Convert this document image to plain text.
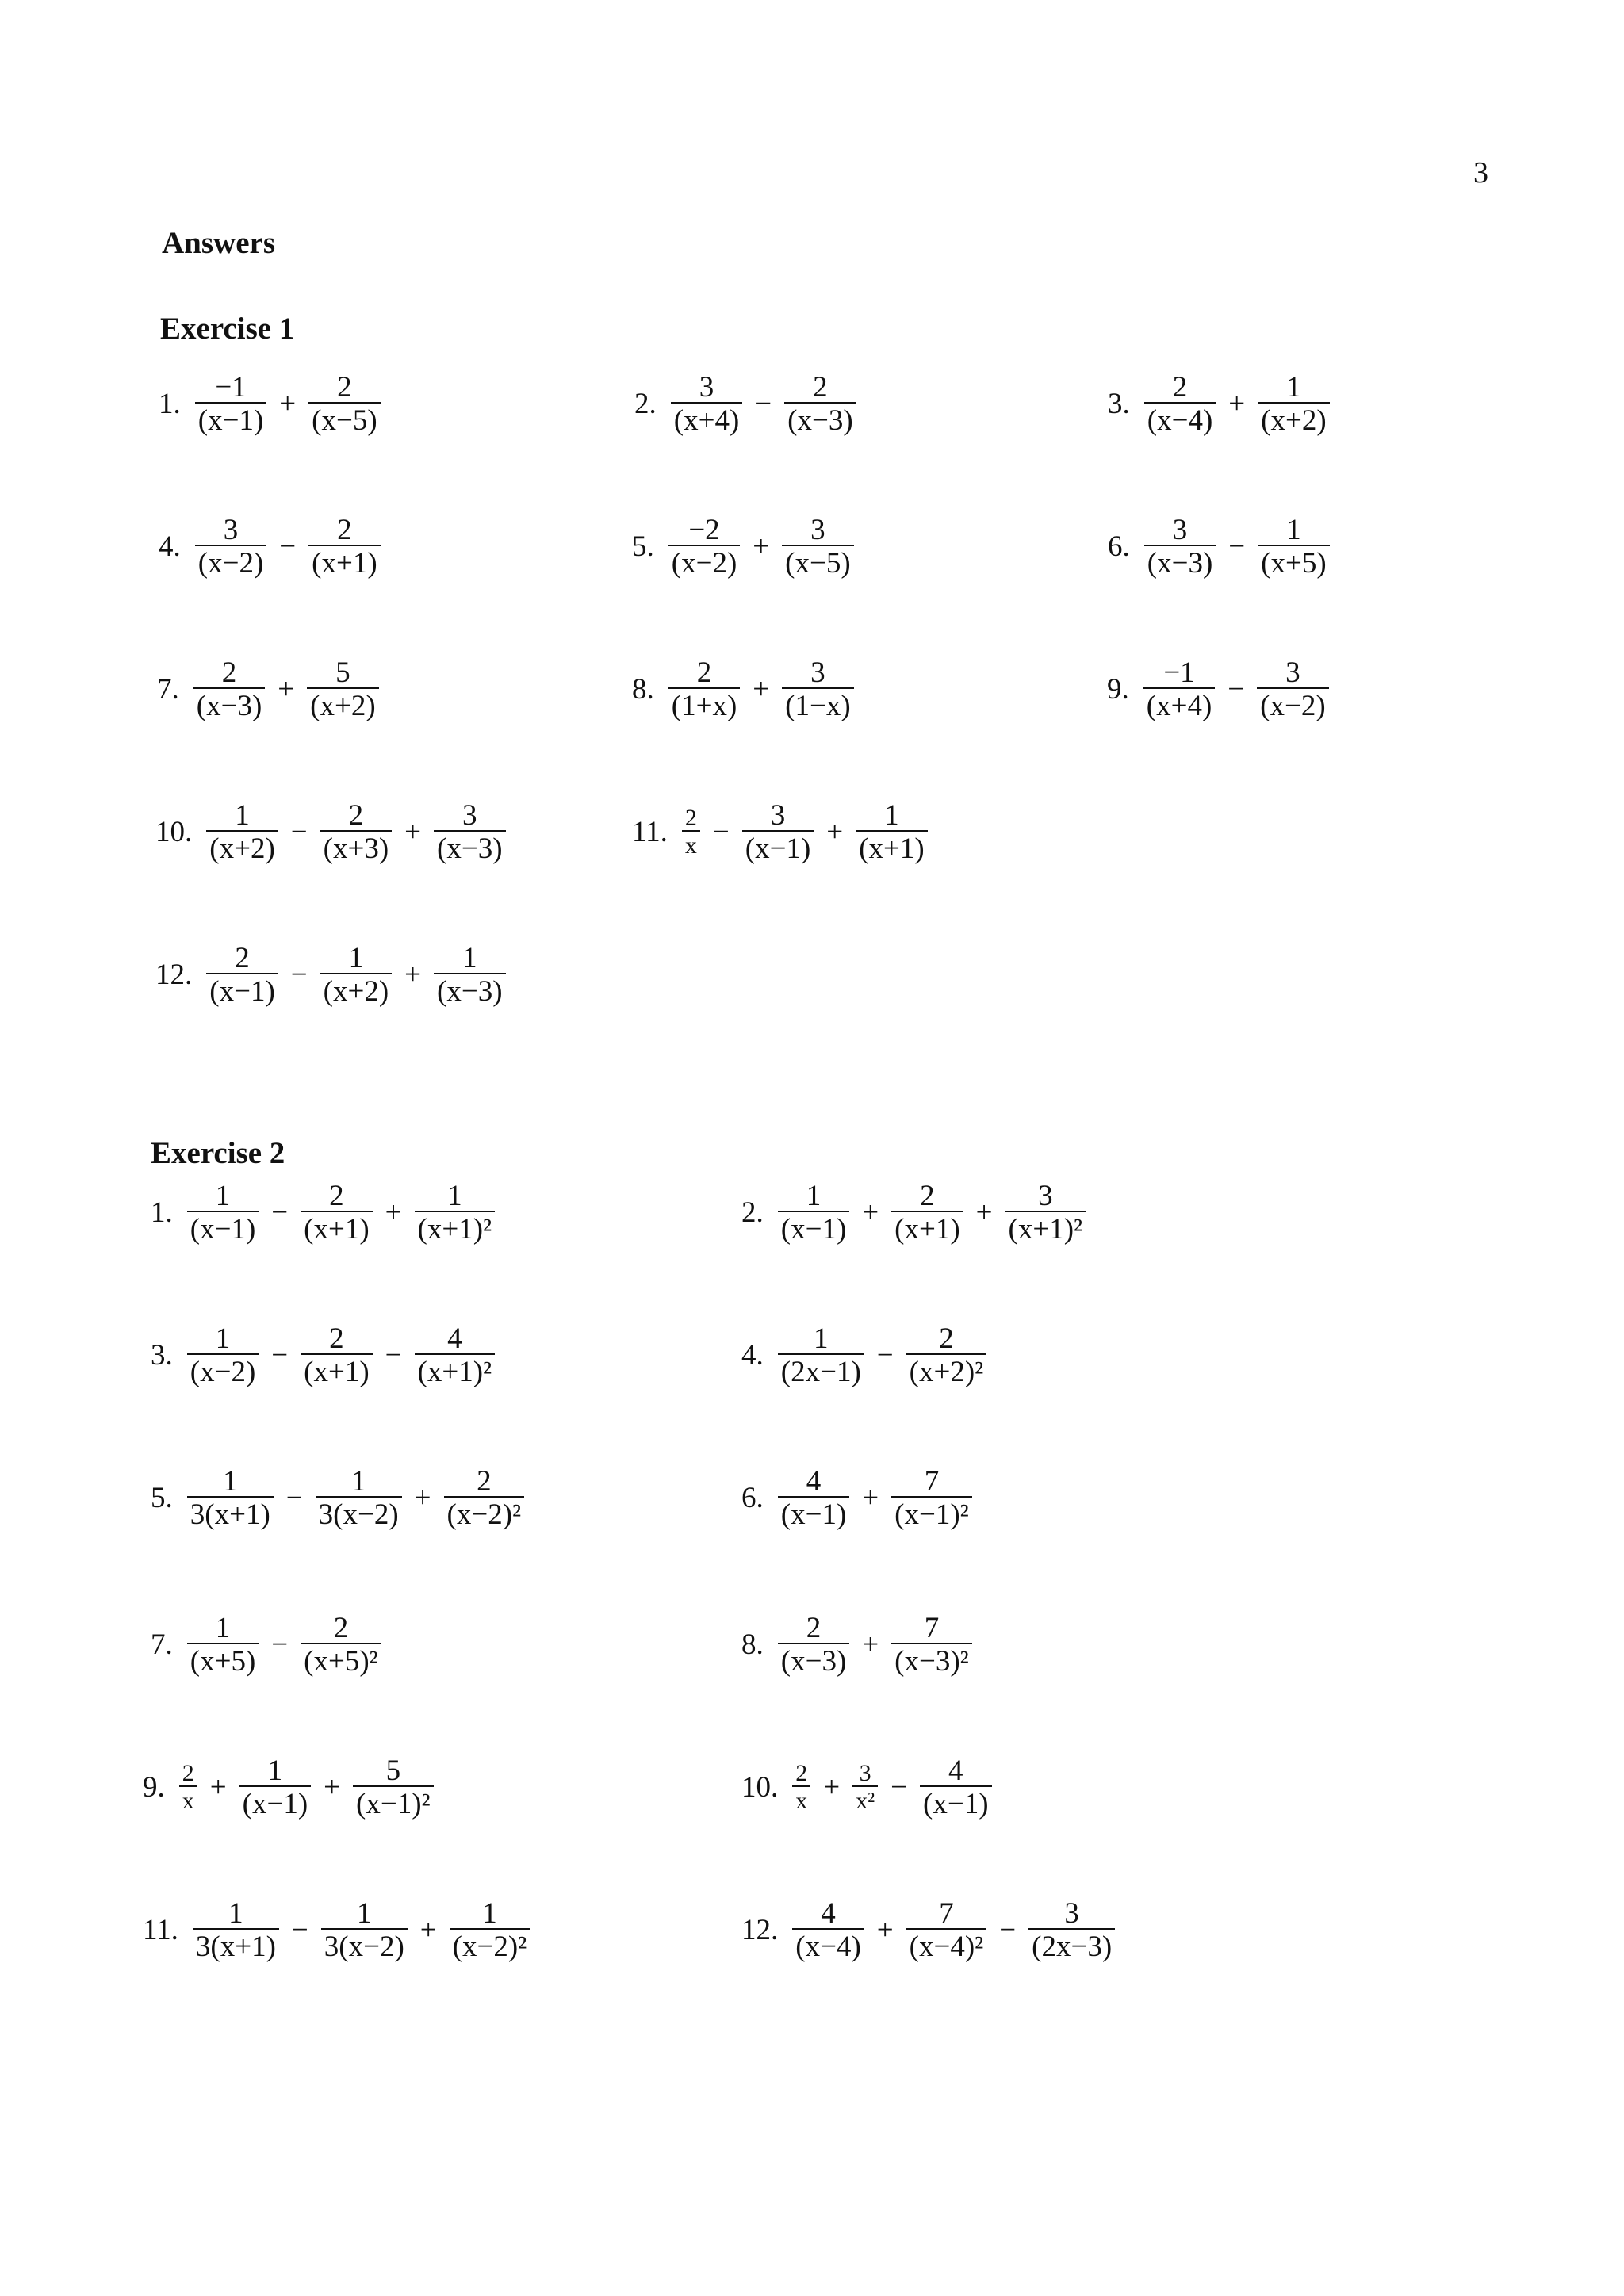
3
Answers
Exercise 1
Exercise 2
1. $\frac{-1}{(x-1)} + \frac{2}{(x-5)}$	2. $\frac{3}{(x+4)} - \frac{2}{(x-3)}$	3. $\frac{2}{(x-4)} + \frac{1}{(x+2)}$
4. $\frac{3}{(x-2)} - \frac{2}{(x+1)}$	5. $\frac{-2}{(x-2)} + \frac{3}{(x-5)}$	6. $\frac{3}{(x-3)} - \frac{1}{(x+5)}$
7. $\frac{2}{(x-3)} + \frac{5}{(x+2)}$	8. $\frac{2}{(1+x)} + \frac{3}{(1-x)}$	9. $\frac{-1}{(x+4)} - \frac{3}{(x-2)}$
10. $\frac{1}{(x+2)} - \frac{2}{(x+3)} + \frac{3}{(x-3)}$	11. $\frac{2}{x} - \frac{3}{(x-1)} + \frac{1}{(x+1)}$
12. $\frac{2}{(x-1)} - \frac{1}{(x+2)} + \frac{1}{(x-3)}$
1. $\frac{1}{(x-1)} - \frac{2}{(x+1)} + \frac{1}{\text{(x+1)²}}$	2. $\frac{1}{(x-1)} + \frac{2}{(x+1)} + \frac{3}{\text{(x+1)²}}$
3. $\frac{1}{(x-2)} - \frac{2}{(x+1)} - \frac{4}{\text{(x+1)²}}$	4. $\frac{1}{(2x-1)} - \frac{2}{\text{(x+2)²}}$
5. $\frac{1}{3(x+1)} - \frac{1}{3(x-2)} + \frac{2}{\text{(x−2)²}}$	6. $\frac{4}{(x-1)} + \frac{7}{\text{(x−1)²}}$
7. $\frac{1}{(x+5)} - \frac{2}{\text{(x+5)²}}$	8. $\frac{2}{(x-3)} + \frac{7}{\text{(x−3)²}}$
9. $\frac{2}{x} + \frac{1}{(x-1)} + \frac{5}{\text{(x−1)²}}$	10. $\frac{2}{x} + \frac{3}{\text{x²}} - \frac{4}{(x-1)}$
11. $\frac{1}{3(x+1)} - \frac{1}{3(x-2)} + \frac{1}{\text{(x−2)²}}$	12. $\frac{4}{(x-4)} + \frac{7}{\text{(x−4)²}} - \frac{3}{(2x-3)}$
